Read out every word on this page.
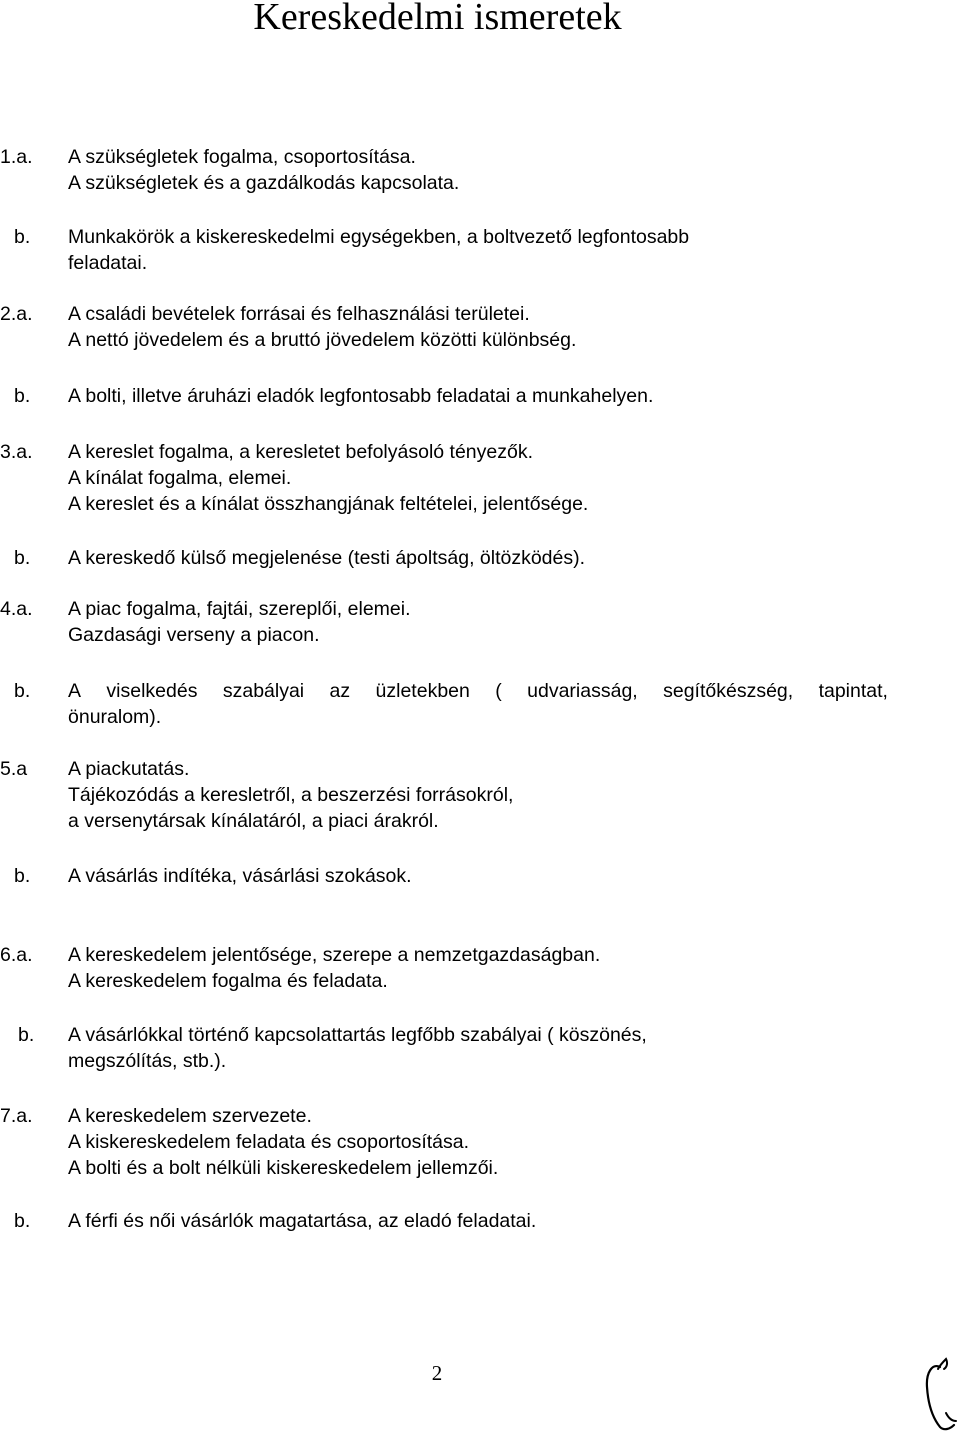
Kereskedelmi ismeretek
1.a. A szükségletek fogalma, csoportosítása.
A szükségletek és a gazdálkodás kapcsolata.
b. Munkakörök a kiskereskedelmi egységekben, a boltvezető legfontosabb
feladatai.
2.a. A családi bevételek forrásai és felhasználási területei.
A nettó jövedelem és a bruttó jövedelem közötti különbség.
b. A bolti, illetve áruházi eladók legfontosabb feladatai a munkahelyen.
3.a. A kereslet fogalma, a keresletet befolyásoló tényezők.
A kínálat fogalma, elemei.
A kereslet és a kínálat összhangjának feltételei, jelentősége.
b. A kereskedő külső megjelenése (testi ápoltság, öltözködés).
4.a. A piac fogalma, fajtái, szereplői, elemei.
Gazdasági verseny a piacon.
b. A viselkedés szabályai az üzletekben ( udvariasság, segítőkészség, tapintat,
önuralom).
5.a A piackutatás.
Tájékozódás a keresletről, a beszerzési forrásokról,
a versenytársak kínálatáról, a piaci árakról.
b. A vásárlás indítéka, vásárlási szokások.
6.a. A kereskedelem jelentősége, szerepe a nemzetgazdaságban.
A kereskedelem fogalma és feladata.
b. A vásárlókkal történő kapcsolattartás legfőbb szabályai ( köszönés,
megszólítás, stb.).
7.a. A kereskedelem szervezete.
A kiskereskedelem feladata és csoportosítása.
A bolti és a bolt nélküli kiskereskedelem jellemzői.
b. A férfi és női vásárlók magatartása, az eladó feladatai.
2
